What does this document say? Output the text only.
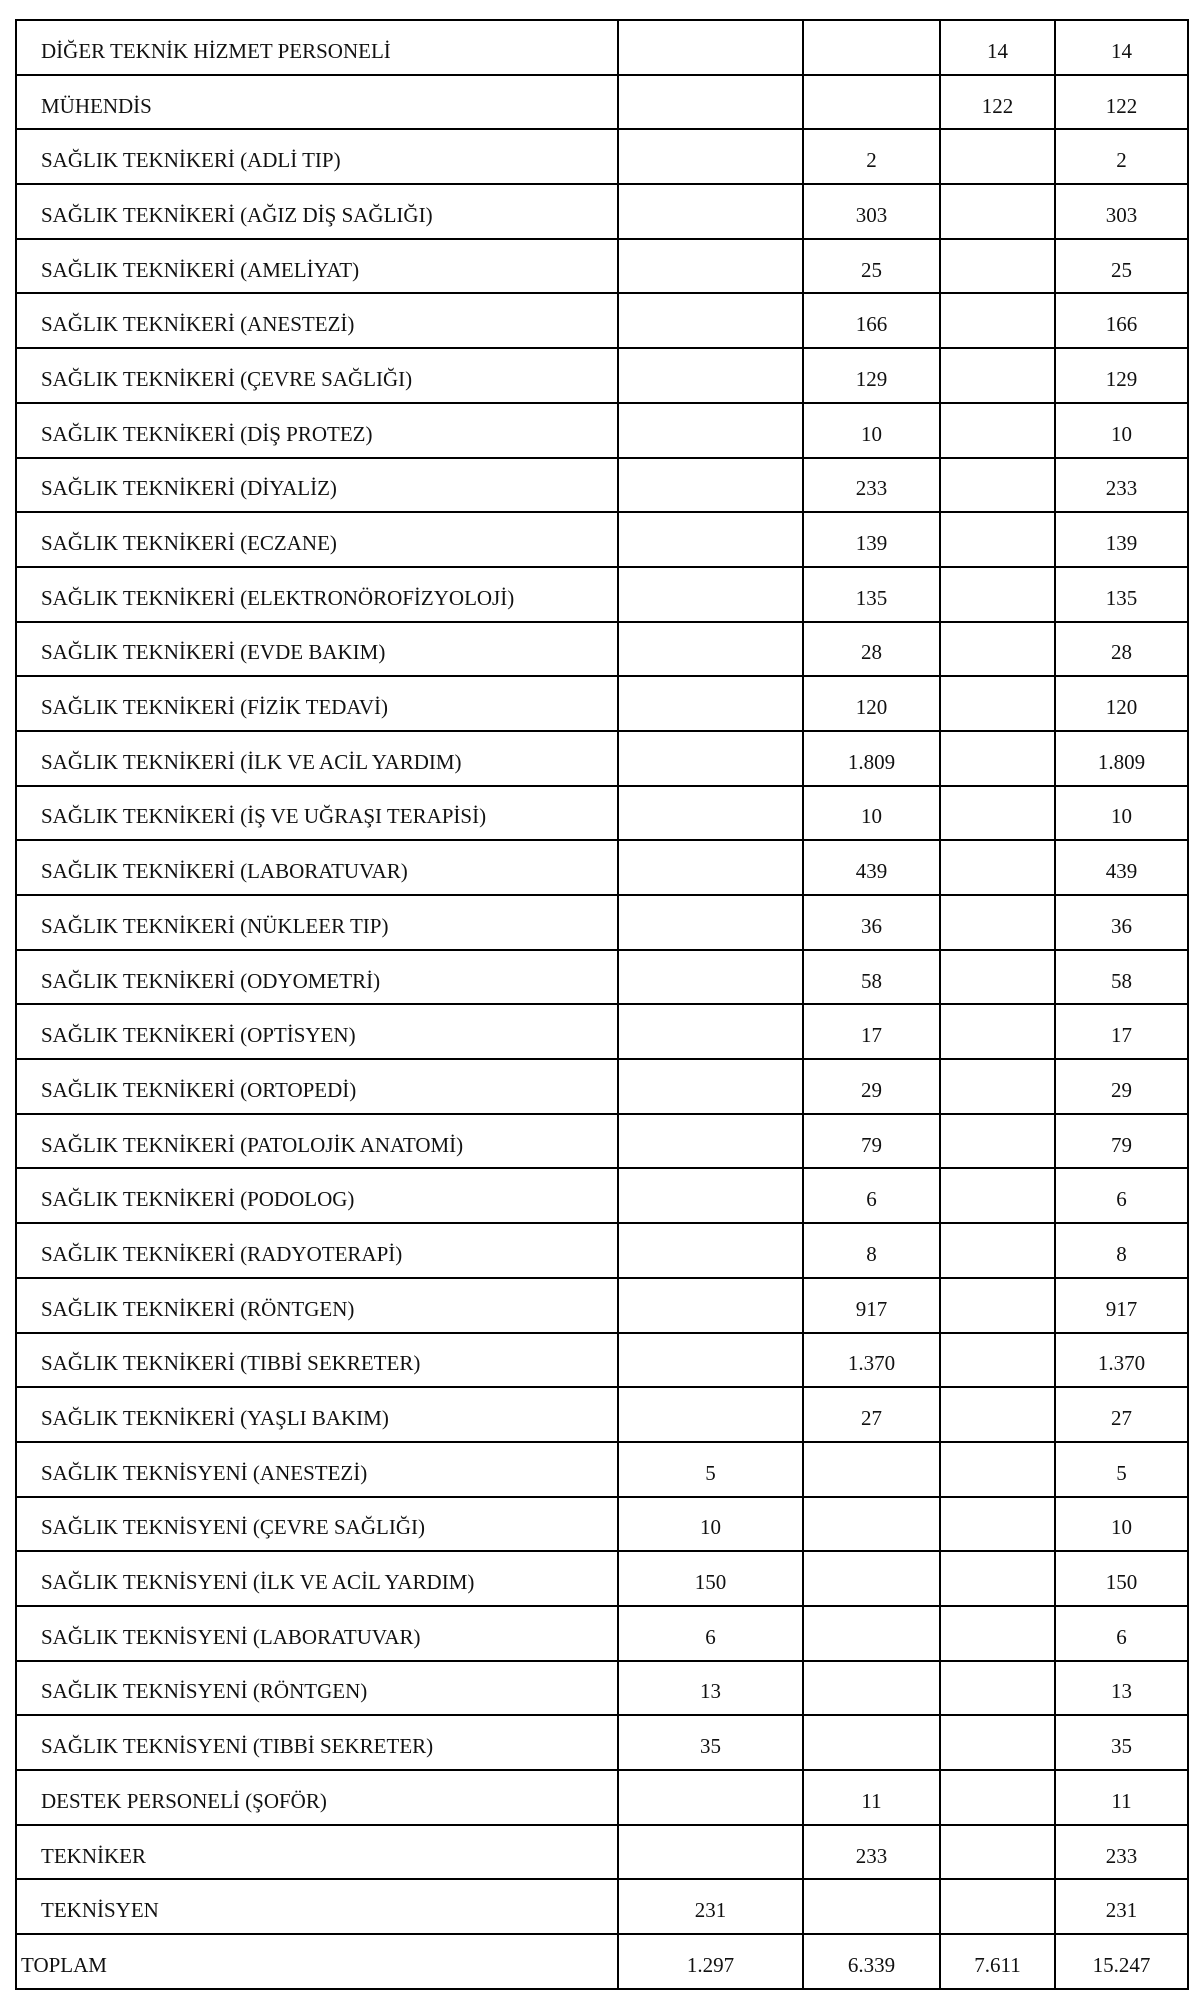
DİĞER TEKNİK HİZMET PERSONELİ			14	14
MÜHENDİS			122	122
SAĞLIK TEKNİKERİ (ADLİ TIP)		2		2
SAĞLIK TEKNİKERİ (AĞIZ DİŞ SAĞLIĞI)		303		303
SAĞLIK TEKNİKERİ (AMELİYAT)		25		25
SAĞLIK TEKNİKERİ (ANESTEZİ)		166		166
SAĞLIK TEKNİKERİ (ÇEVRE SAĞLIĞI)		129		129
SAĞLIK TEKNİKERİ (DİŞ PROTEZ)		10		10
SAĞLIK TEKNİKERİ (DİYALİZ)		233		233
SAĞLIK TEKNİKERİ (ECZANE)		139		139
SAĞLIK TEKNİKERİ (ELEKTRONÖROFİZYOLOJİ)		135		135
SAĞLIK TEKNİKERİ (EVDE BAKIM)		28		28
SAĞLIK TEKNİKERİ (FİZİK TEDAVİ)		120		120
SAĞLIK TEKNİKERİ (İLK VE ACİL YARDIM)		1.809		1.809
SAĞLIK TEKNİKERİ (İŞ VE UĞRAŞI TERAPİSİ)		10		10
SAĞLIK TEKNİKERİ (LABORATUVAR)		439		439
SAĞLIK TEKNİKERİ (NÜKLEER TIP)		36		36
SAĞLIK TEKNİKERİ (ODYOMETRİ)		58		58
SAĞLIK TEKNİKERİ (OPTİSYEN)		17		17
SAĞLIK TEKNİKERİ (ORTOPEDİ)		29		29
SAĞLIK TEKNİKERİ (PATOLOJİK ANATOMİ)		79		79
SAĞLIK TEKNİKERİ (PODOLOG)		6		6
SAĞLIK TEKNİKERİ (RADYOTERAPİ)		8		8
SAĞLIK TEKNİKERİ (RÖNTGEN)		917		917
SAĞLIK TEKNİKERİ (TIBBİ SEKRETER)		1.370		1.370
SAĞLIK TEKNİKERİ (YAŞLI BAKIM)		27		27
SAĞLIK TEKNİSYENİ (ANESTEZİ)	5			5
SAĞLIK TEKNİSYENİ (ÇEVRE SAĞLIĞI)	10			10
SAĞLIK TEKNİSYENİ (İLK VE ACİL YARDIM)	150			150
SAĞLIK TEKNİSYENİ (LABORATUVAR)	6			6
SAĞLIK TEKNİSYENİ (RÖNTGEN)	13			13
SAĞLIK TEKNİSYENİ (TIBBİ SEKRETER)	35			35
DESTEK PERSONELİ (ŞOFÖR)		11		11
TEKNİKER		233		233
TEKNİSYEN	231			231
TOPLAM	1.297	6.339	7.611	15.247
